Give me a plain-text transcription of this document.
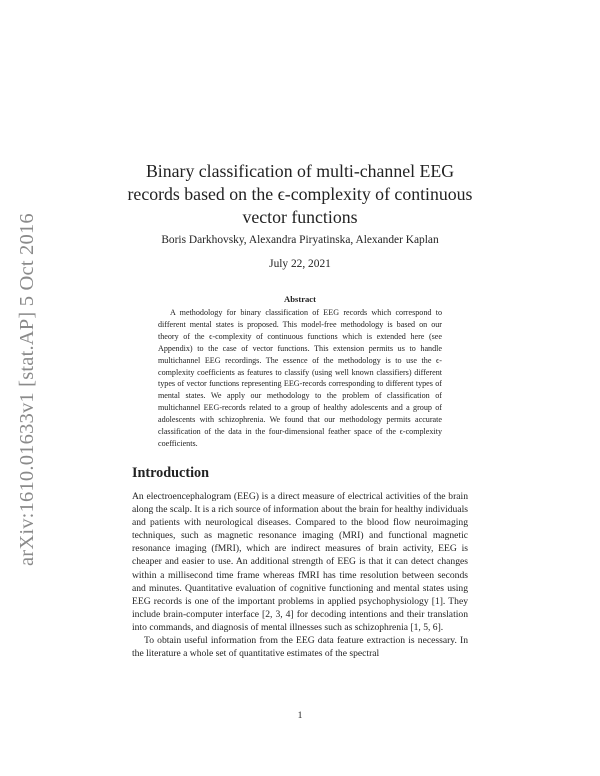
arXiv:1610.01633v1 [stat.AP] 5 Oct 2016
Binary classification of multi-channel EEG records based on the ϵ-complexity of continuous vector functions
Boris Darkhovsky, Alexandra Piryatinska, Alexander Kaplan
July 22, 2021
Abstract
A methodology for binary classification of EEG records which correspond to different mental states is proposed. This model-free methodology is based on our theory of the ϵ-complexity of continuous functions which is extended here (see Appendix) to the case of vector functions. This extension permits us to handle multichannel EEG recordings. The essence of the methodology is to use the ϵ-complexity coefficients as features to classify (using well known classifiers) different types of vector functions representing EEG-records corresponding to different types of mental states. We apply our methodology to the problem of classification of multichannel EEG-records related to a group of healthy adolescents and a group of adolescents with schizophrenia. We found that our methodology permits accurate classification of the data in the four-dimensional feather space of the ϵ-complexity coefficients.
Introduction

An electroencephalogram (EEG) is a direct measure of electrical activities of the brain along the scalp. It is a rich source of information about the brain for healthy individuals and patients with neurological diseases. Compared to the blood flow neuroimaging techniques, such as magnetic resonance imaging (MRI) and functional magnetic resonance imaging (fMRI), which are indirect measures of brain activity, EEG is cheaper and easier to use. An additional strength of EEG is that it can detect changes within a millisecond time frame whereas fMRI has time resolution between seconds and minutes. Quantitative evaluation of cognitive functioning and mental states using EEG records is one of the important problems in applied psychophysiology [1]. They include brain-computer interface [2, 3, 4] for decoding intentions and their translation into commands, and diagnosis of mental illnesses such as schizophrenia [1, 5, 6].

To obtain useful information from the EEG data feature extraction is necessary. In the literature a whole set of quantitative estimates of the spectral

1
